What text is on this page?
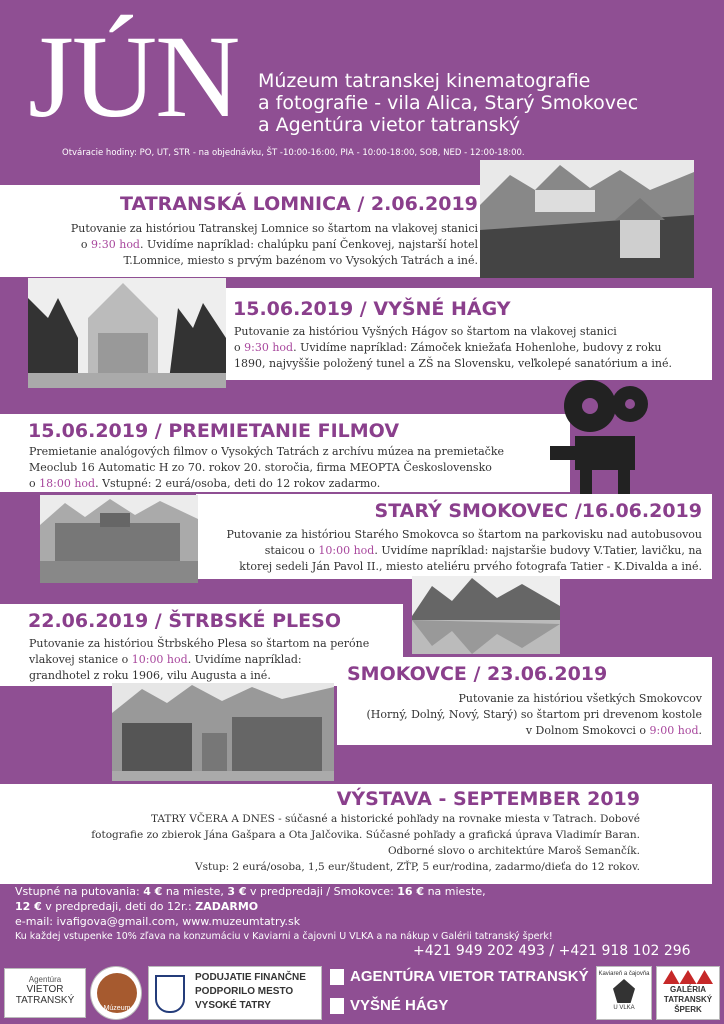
JÚN Múzeum tatranskej kinematografie
a fotografie - vila Alica, Starý Smokovec
a Agentúra vietor tatranský
Otváracie hodiny: PO, UT, STR - na objednávku, ŠT -10:00-16:00, PIA - 10:00-18:00, SOB, NED - 12:00-18:00.
TATRANSKÁ LOMNICA / 2.06.2019
Putovanie za históriou Tatranskej Lomnice so štartom na vlakovej stanici
o 9:30 hod. Uvidíme napríklad: chalúpku paní Čenkovej, najstarší hotel
T.Lomnice, miesto s prvým bazénom vo Vysokých Tatrách a iné.
15.06.2019 / VYŠNÉ HÁGY
Putovanie za históriou Vyšných Hágov so štartom na vlakovej stanici
o 9:30 hod. Uvidíme napríklad: Zámoček kniežaťa Hohenlohe, budovy z roku
1890, najvyššie položený tunel a ZŠ na Slovensku, veľkolepé sanatórium a iné.
15.06.2019 / PREMIETANIE FILMOV
Premietanie analógových filmov o Vysokých Tatrách z archívu múzea na premietačke
Meoclub 16 Automatic H zo 70. rokov 20. storočia, firma MEOPTA Československo
o 18:00 hod. Vstupné: 2 eurá/osoba, deti do 12 rokov zadarmo.
STARÝ SMOKOVEC /16.06.2019
Putovanie za históriou Starého Smokovca so štartom na parkovisku nad autobusovou
staicou o 10:00 hod. Uvidíme napríklad: najstaršie budovy V.Tatier, lavičku, na
ktorej sedeli Ján Pavol II., miesto ateliéru prvého fotografa Tatier - K.Divalda a iné.
22.06.2019 / ŠTRBSKÉ PLESO
Putovanie za históriou Štrbského Plesa so štartom na peróne
vlakovej stanice o 10:00 hod. Uvidíme napríklad:
grandhotel z roku 1906, vilu Augusta a iné.	SMOKOVCE / 23.06.2019
Putovanie za históriou všetkých Smokovcov
(Horný, Dolný, Nový, Starý) so štartom pri drevenom kostole
v Dolnom Smokovci o 9:00 hod.
VÝSTAVA - SEPTEMBER 2019
TATRY VČERA A DNES - súčasné a historické pohľady na rovnake miesta v Tatrach. Dobové
fotografie zo zbierok Jána Gašpara a Ota Jalčovika. Súčasné pohľady a grafická úprava Vladimír Baran.
Odborné slovo o architektúre Maroš Semančík.
Vstup: 2 eurá/osoba, 1,5 eur/študent, ZŤP, 5 eur/rodina, zadarmo/dieťa do 12 rokov.
Vstupné na putovania: 4 € na mieste, 3 € v predpredaji / Smokovce: 16 € na mieste,
12 € v predpredaji, deti do 12r.: ZADARMO
e-mail: ivafigova@gmail.com, www.muzeumtatry.sk
Ku každej vstupenke 10% zľava na konzumáciu v Kaviarni a čajovni U VLKA a na nákup v Galérii tatranský šperk!
+421 949 202 493 / +421 918 102 296
Agentúra
VIETOR
TATRANSKÝ
Múzeum
PODUJATIE FINANČNE
PODPORILO MESTO
VYSOKÉ TATRY
AGENTÚRA VIETOR TATRANSKÝ
VYŠNÉ HÁGY
Kaviareň a čajovňa
U VLKA
GALÉRIA
TATRANSKÝ
ŠPERK
